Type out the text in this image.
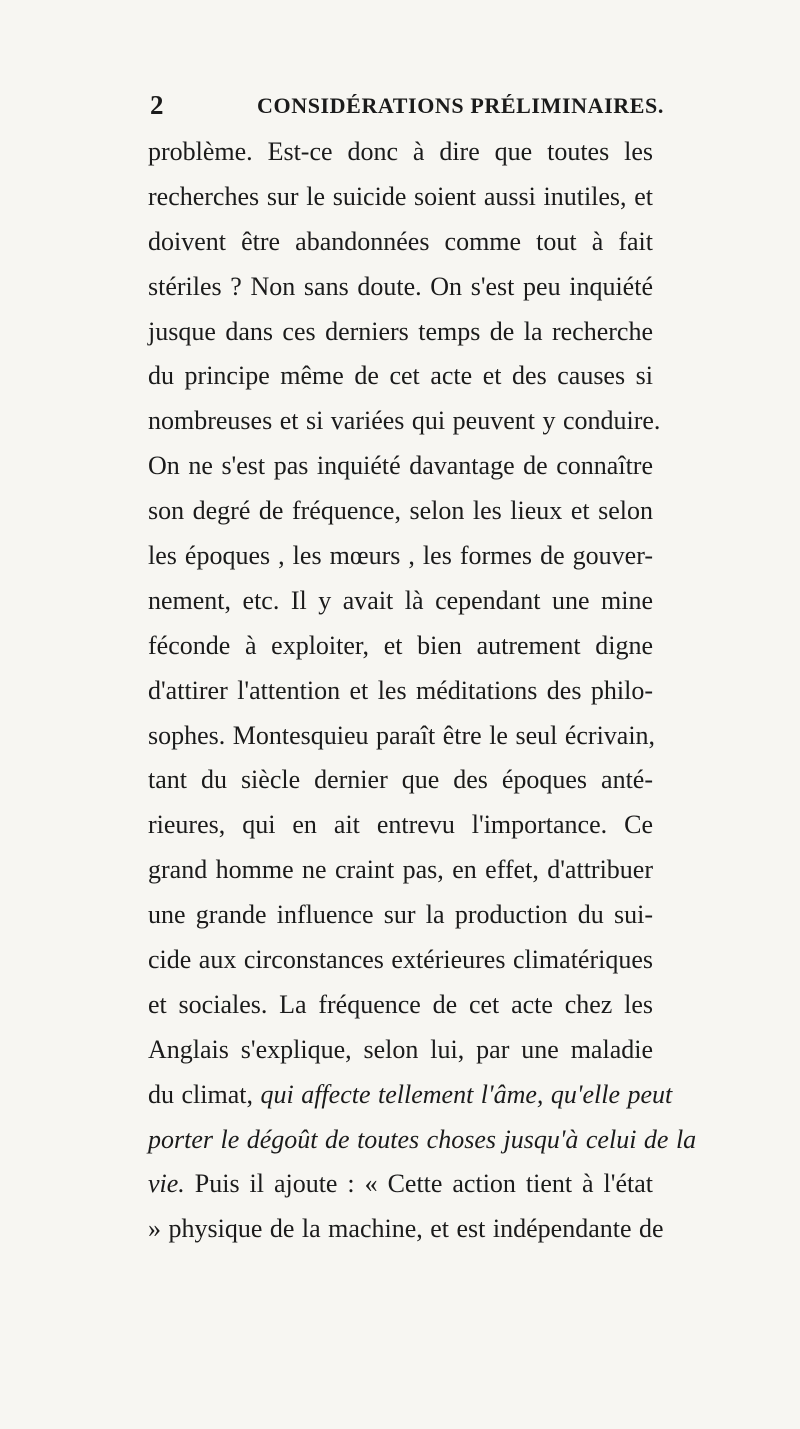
2	CONSIDÉRATIONS PRÉLIMINAIRES.
problème. Est-ce donc à dire que toutes les
recherches sur le suicide soient aussi inutiles, et
doivent être abandonnées comme tout à fait
stériles ? Non sans doute. On s'est peu inquiété
jusque dans ces derniers temps de la recherche
du principe même de cet acte et des causes si
nombreuses et si variées qui peuvent y conduire.
On ne s'est pas inquiété davantage de connaître
son degré de fréquence, selon les lieux et selon
les époques , les mœurs , les formes de gouver-
nement, etc. Il y avait là cependant une mine
féconde à exploiter, et bien autrement digne
d'attirer l'attention et les méditations des philo-
sophes. Montesquieu paraît être le seul écrivain,
tant du siècle dernier que des époques anté-
rieures, qui en ait entrevu l'importance. Ce
grand homme ne craint pas, en effet, d'attribuer
une grande influence sur la production du sui-
cide aux circonstances extérieures climatériques
et sociales. La fréquence de cet acte chez les
Anglais s'explique, selon lui, par une maladie
du climat, qui affecte tellement l'âme, qu'elle peut
porter le dégoût de toutes choses jusqu'à celui de la
vie. Puis il ajoute : « Cette action tient à l'état
» physique de la machine, et est indépendante de
